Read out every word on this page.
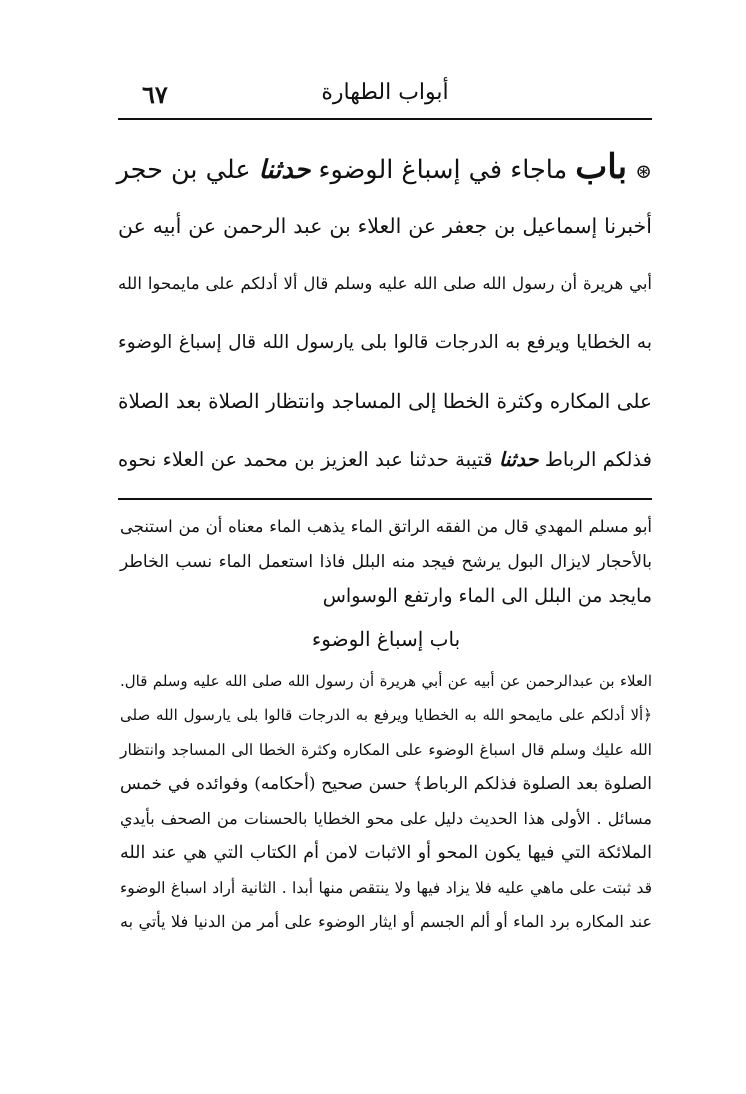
أبواب الطهارة
٦٧
⊛ باب ماجاء في إسباغ الوضوء حدثنا علي بن حجر
أخبرنا إسماعيل بن جعفر عن العلاء بن عبد الرحمن عن أبيه عن
أبي هريرة أن رسول الله صلى الله عليه وسلم قال ألا أدلكم على مايمحوا الله
به الخطايا ويرفع به الدرجات قالوا بلى يارسول الله قال إسباغ الوضوء
على المكاره وكثرة الخطا إلى المساجد وانتظار الصلاة بعد الصلاة
فذلكم الرباط حدثنا قتيبة حدثنا عبد العزيز بن محمد عن العلاء نحوه
أبو مسلم المهدي قال من الفقه الراتق الماء يذهب الماء معناه أن من استنجى
بالأحجار لايزال البول يرشح فيجد منه البلل فاذا استعمل الماء نسب الخاطر
مايجد من البلل الى الماء وارتفع الوسواس
باب إسباغ الوضوء
العلاء بن عبدالرحمن عن أبيه عن أبي هريرة أن رسول الله صلى الله عليه وسلم قال.
﴿ألا أدلكم على مايمحو الله به الخطايا ويرفع به الدرجات قالوا بلى يارسول الله صلى
الله عليك وسلم قال اسباغ الوضوء على المكاره وكثرة الخطا الى المساجد وانتظار
الصلوة بعد الصلوة فذلكم الرباط﴾ حسن صحيح (أحكامه) وفوائده في خمس
مسائل . الأولى هذا الحديث دليل على محو الخطايا بالحسنات من الصحف بأيدي
الملائكة التي فيها يكون المحو أو الاثبات لامن أم الكتاب التي هي عند الله
قد ثبتت على ماهي عليه فلا يزاد فيها ولا ينتقص منها أبدا . الثانية أراد اسباغ الوضوء
عند المكاره برد الماء أو ألم الجسم أو ايثار الوضوء على أمر من الدنيا فلا يأتي به
